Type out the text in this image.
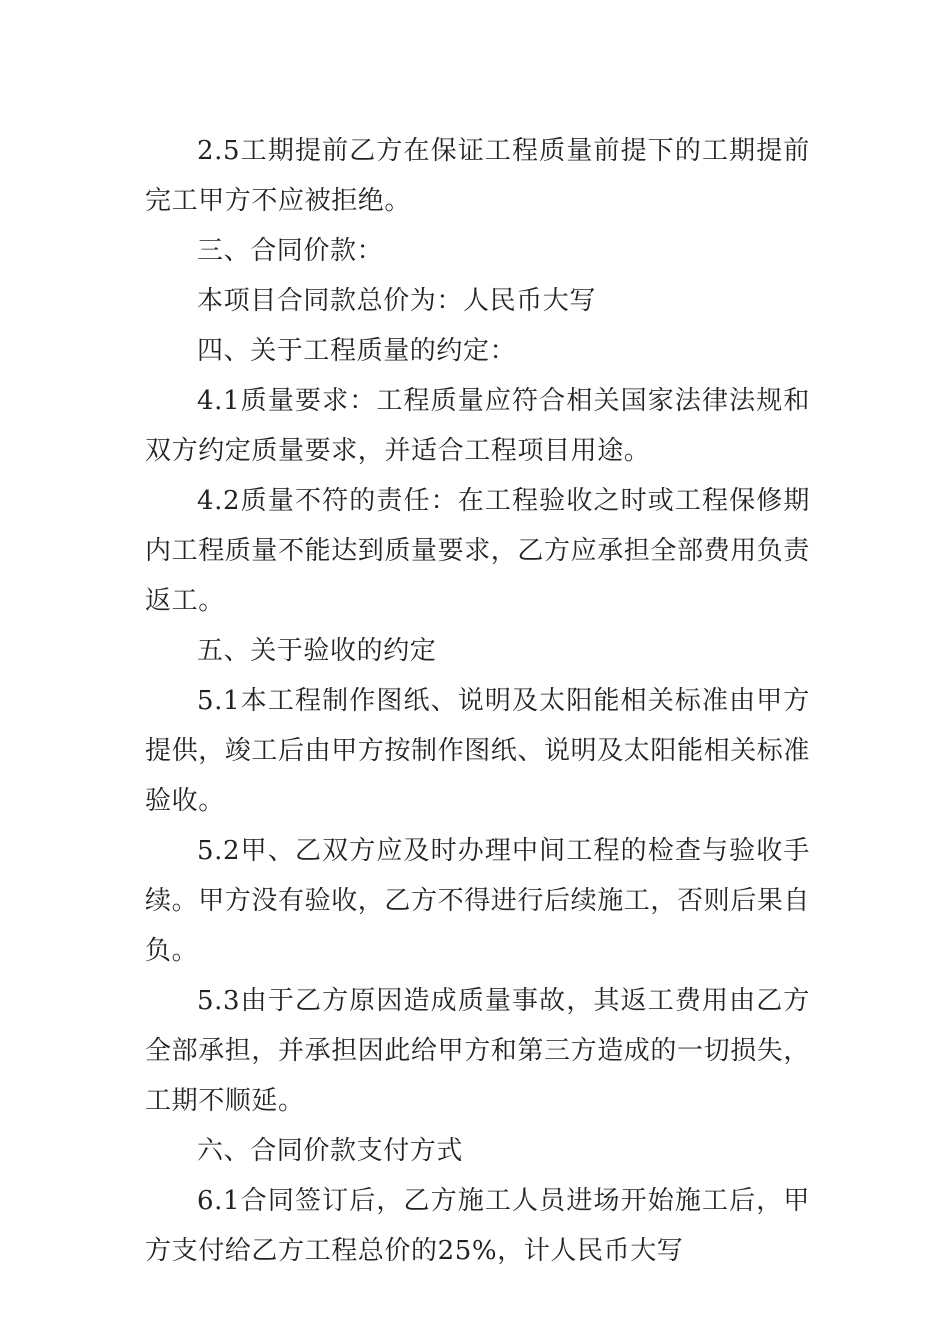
2.5工期提前乙方在保证工程质量前提下的工期提前完工甲方不应被拒绝。

三、合同价款：

本项目合同款总价为：人民币大写

四、关于工程质量的约定：

4.1质量要求：工程质量应符合相关国家法律法规和双方约定质量要求，并适合工程项目用途。

4.2质量不符的责任：在工程验收之时或工程保修期内工程质量不能达到质量要求，乙方应承担全部费用负责返工。

五、关于验收的约定

5.1本工程制作图纸、说明及太阳能相关标准由甲方提供，竣工后由甲方按制作图纸、说明及太阳能相关标准验收。

5.2甲、乙双方应及时办理中间工程的检查与验收手续。甲方没有验收，乙方不得进行后续施工，否则后果自负。

5.3由于乙方原因造成质量事故，其返工费用由乙方全部承担，并承担因此给甲方和第三方造成的一切损失，工期不顺延。

六、合同价款支付方式

6.1合同签订后，乙方施工人员进场开始施工后，甲方支付给乙方工程总价的25%，计人民币大写
